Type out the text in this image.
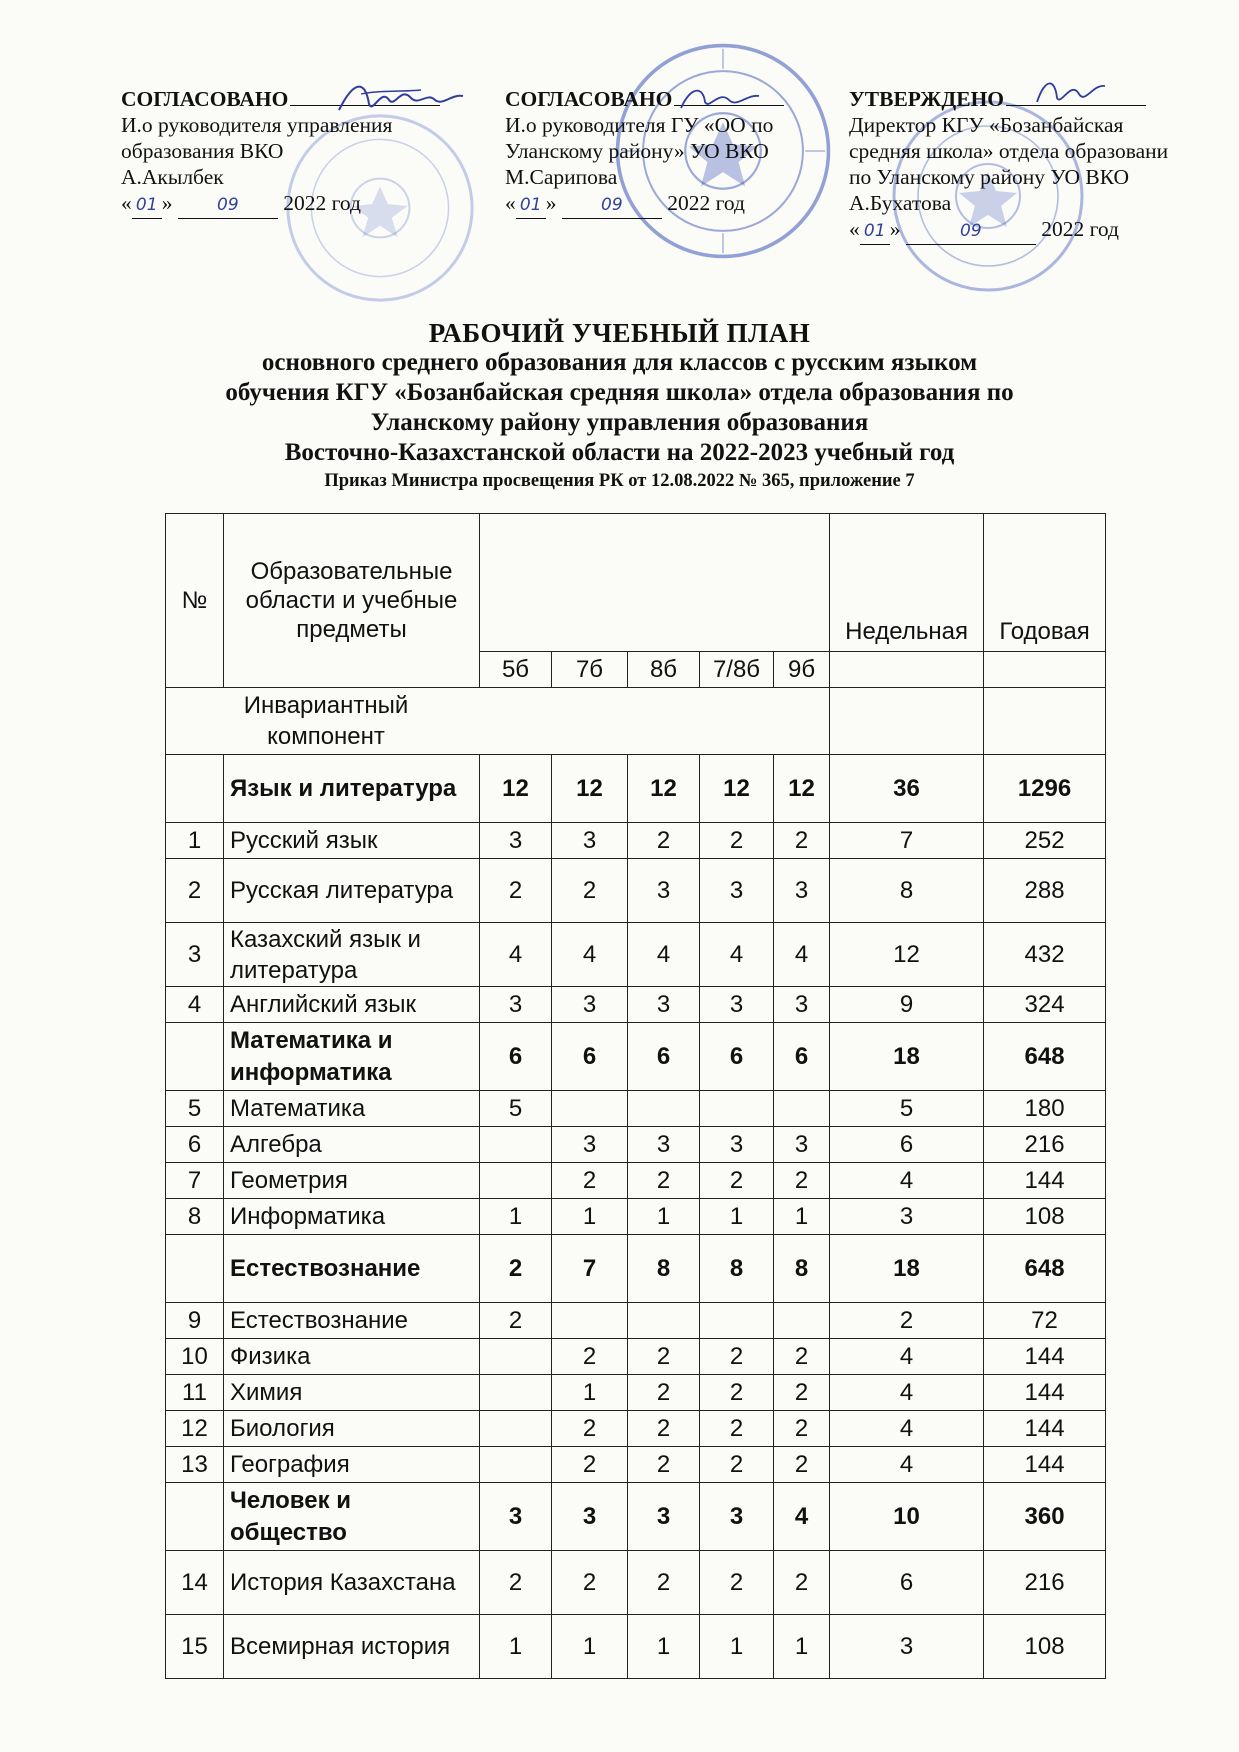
СОГЛАСОВАНО
И.о руководителя управления
образования ВКО
А.Акылбек
« 01 »	09 2022 год
СОГЛАСОВАНО
И.о руководителя ГУ «ОО по
Уланскому району» УО ВКО
М.Сарипова
« 01 »	09 2022 год
УТВЕРЖДЕНО
Директор КГУ «Бозанбайская
средняя школа» отдела образовани
по Уланскому району УО ВКО
А.Бухатова
« 01 »	09	2022 год
РАБОЧИЙ УЧЕБНЫЙ ПЛАН
основного среднего образования для классов с русским языком
обучения КГУ «Бозанбайская средняя школа» отдела образования по
Уланскому району управления образования
Восточно-Казахстанской области на 2022-2023 учебный год
Приказ Министра просвещения РК от 12.08.2022 № 365, приложение 7
№	Образовательные области и учебные предметы						Недельная	Годовая
		5б	7б	8б	7/8б	9б		
Инвариантный компонент								
	Язык и литература	12	12	12	12	12	36	1296
1	Русский язык	3	3	2	2	2	7	252
2	Русская литература	2	2	3	3	3	8	288
3	Казахский язык и литература	4	4	4	4	4	12	432
4	Английский язык	3	3	3	3	3	9	324
	Математика и информатика	6	6	6	6	6	18	648
5	Математика	5					5	180
6	Алгебра		3	3	3	3	6	216
7	Геометрия		2	2	2	2	4	144
8	Информатика	1	1	1	1	1	3	108
	Естествознание	2	7	8	8	8	18	648
9	Естествознание	2					2	72
10	Физика		2	2	2	2	4	144
11	Химия		1	2	2	2	4	144
12	Биология		2	2	2	2	4	144
13	География		2	2	2	2	4	144
	Человек и общество	3	3	3	3	4	10	360
14	История Казахстана	2	2	2	2	2	6	216
15	Всемирная история	1	1	1	1	1	3	108
